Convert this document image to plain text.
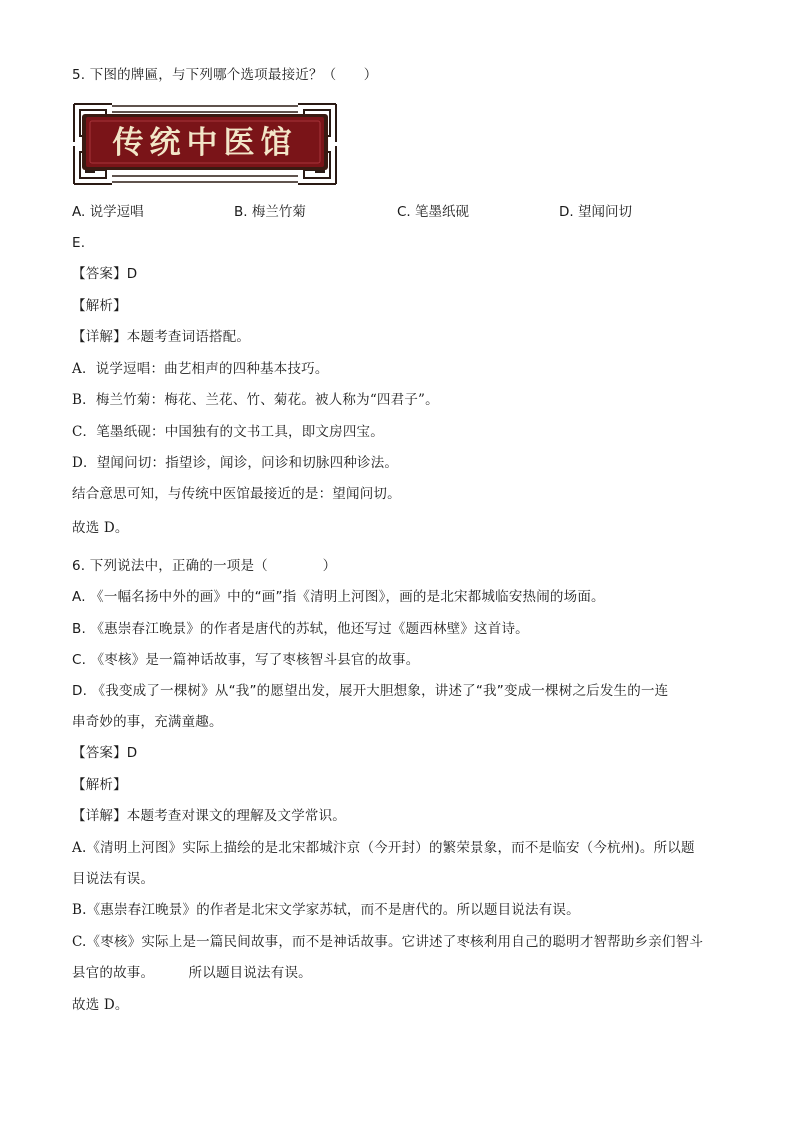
5. 下图的牌匾，与下列哪个选项最接近？（　　）
传统中医馆
A. 说学逗唱	B. 梅兰竹菊	C. 笔墨纸砚	D. 望闻问切
E.
【答案】D
【解析】
【详解】本题考查词语搭配。
A．说学逗唱：曲艺相声的四种基本技巧。
B．梅兰竹菊：梅花、兰花、竹、菊花。被人称为“四君子”。
C．笔墨纸砚：中国独有的文书工具，即文房四宝。
D．望闻问切：指望诊，闻诊，问诊和切脉四种诊法。
结合意思可知，与传统中医馆最接近的是：望闻问切。
故选 D。
6. 下列说法中，正确的一项是（　　　　）
A. 《一幅名扬中外的画》中的“画”指《清明上河图》，画的是北宋都城临安热闹的场面。
B. 《惠崇春江晚景》的作者是唐代的苏轼，他还写过《题西林壁》这首诗。
C. 《枣核》是一篇神话故事，写了枣核智斗县官的故事。
D. 《我变成了一棵树》从“我”的愿望出发，展开大胆想象，讲述了“我”变成一棵树之后发生的一连
串奇妙的事，充满童趣。
【答案】D
【解析】
【详解】本题考查对课文的理解及文学常识。
A.《清明上河图》实际上描绘的是北宋都城汴京（今开封）的繁荣景象，而不是临安（今杭州)。所以题
目说法有误。
B.《惠崇春江晚景》的作者是北宋文学家苏轼，而不是唐代的。所以题目说法有误。
C.《枣核》实际上是一篇民间故事，而不是神话故事。它讲述了枣核利用自己的聪明才智帮助乡亲们智斗
县官的故事。　　　所以题目说法有误。
故选 D。
